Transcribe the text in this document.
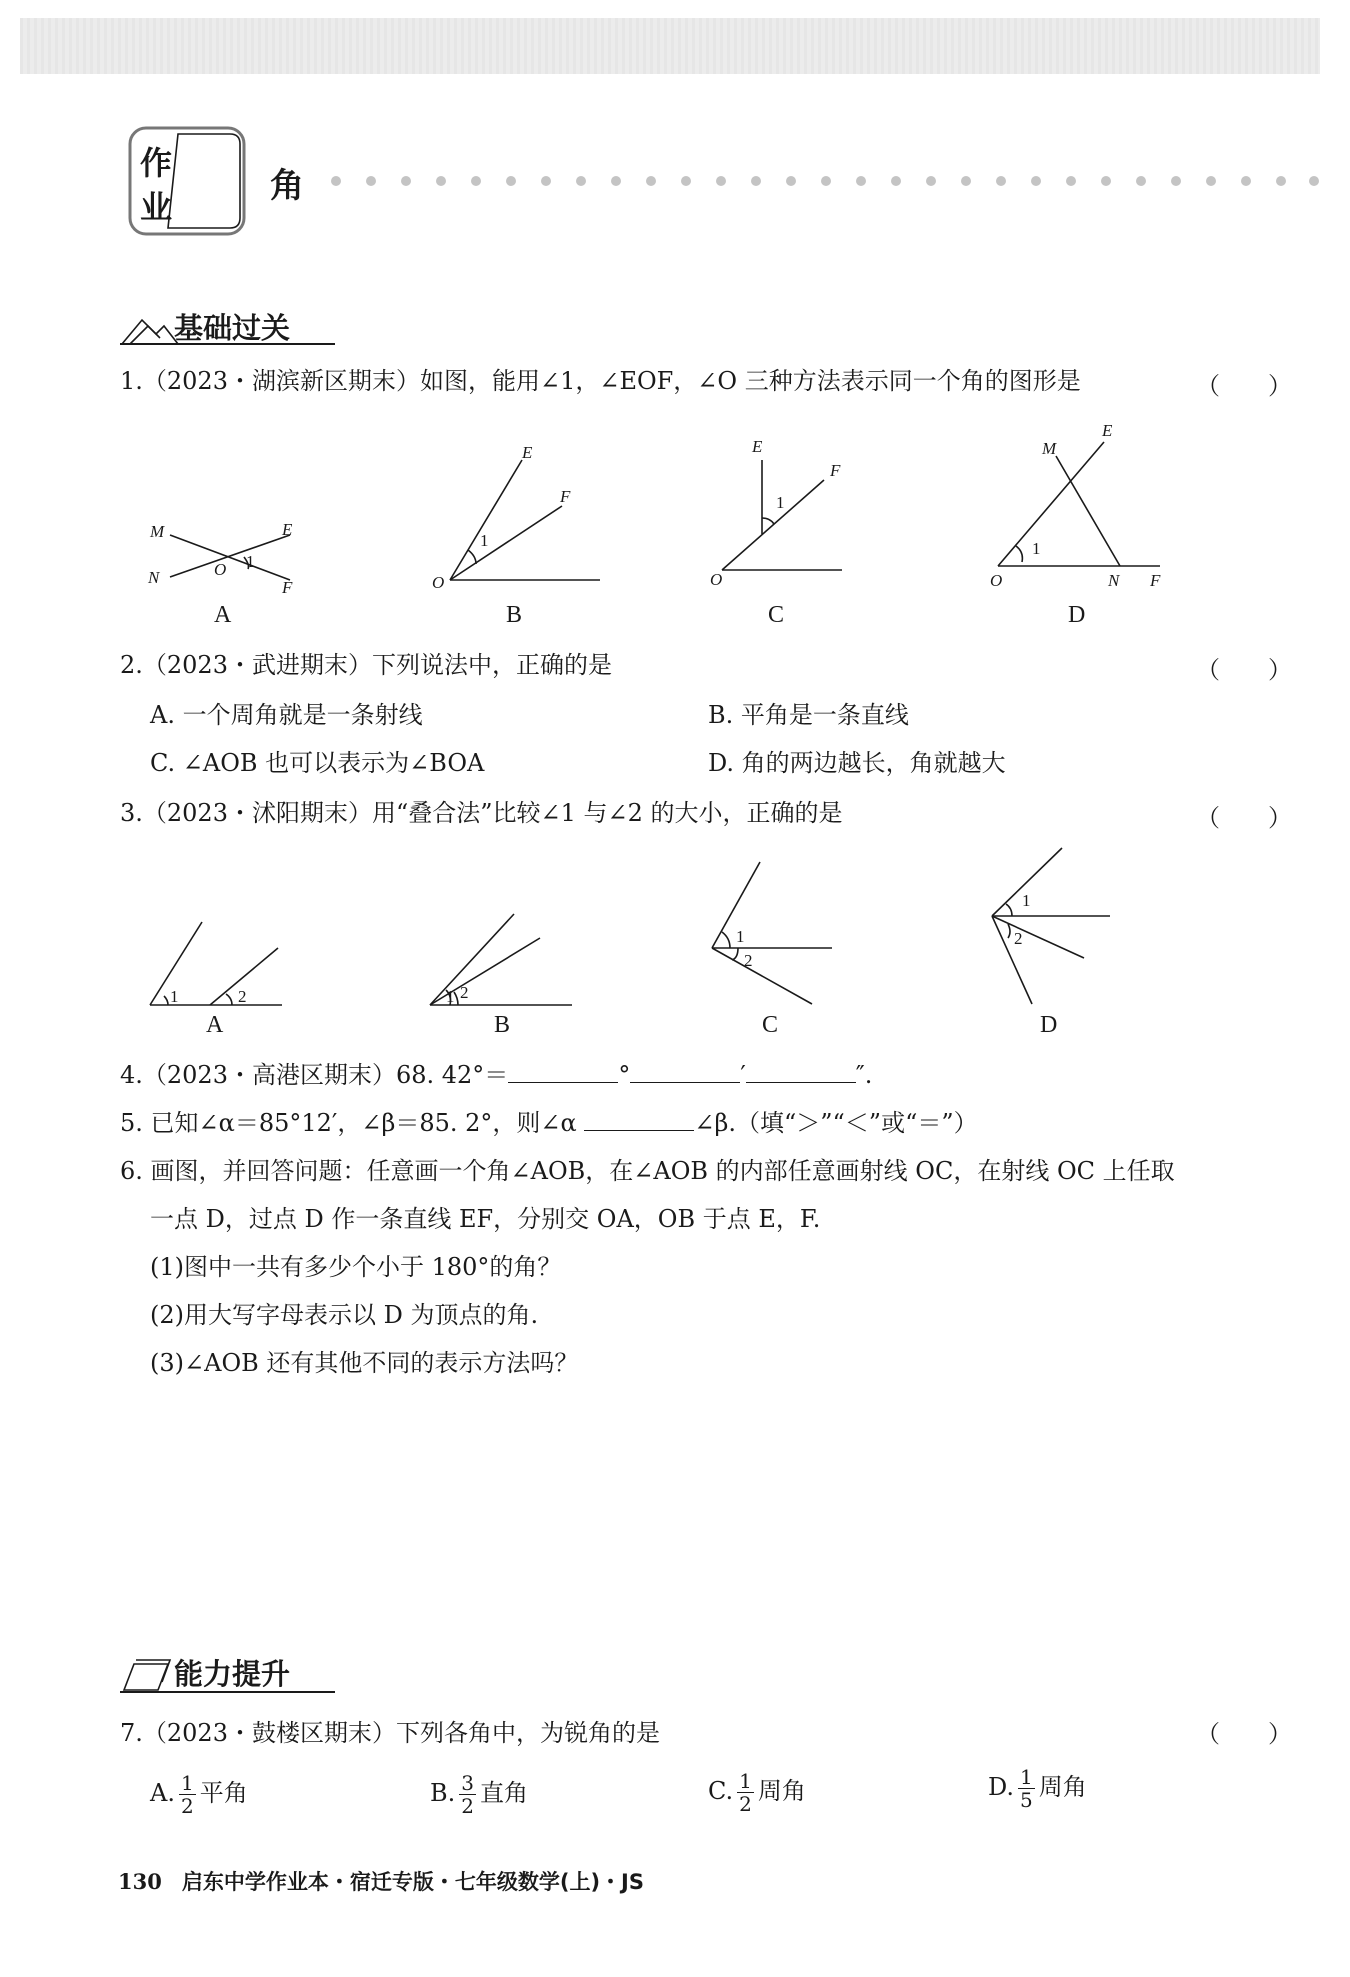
作
业
46 角
基础过关
1.（2023・湖滨新区期末）如图，能用∠1，∠EOF，∠O 三种方法表示同一个角的图形是	（　　）
M	E
N	O 1
F
A
E
F
1
O
B
E
F
1
O
C
M
E
1
O	N F
D
2.（2023・武进期末）下列说法中，正确的是	（　　）
A. 一个周角就是一条射线	B. 平角是一条直线
C. ∠AOB 也可以表示为∠BOA	D. 角的两边越长，角就越大
3.（2023・沭阳期末）用“叠合法”比较∠1 与∠2 的大小，正确的是	（　　）
1	2
A
1 2
B
1
2
C
1
2
D
4.（2023・高港区期末）68. 42°＝	°	′	″.
5. 已知∠α＝85°12′，∠β＝85. 2°，则∠α	∠β.（填“＞”“＜”或“＝”）
6. 画图，并回答问题：任意画一个角∠AOB，在∠AOB 的内部任意画射线 OC，在射线 OC 上任取
一点 D，过点 D 作一条直线 EF，分别交 OA，OB 于点 E，F.
(1)图中一共有多少个小于 180°的角？
(2)用大写字母表示以 D 为顶点的角.
(3)∠AOB 还有其他不同的表示方法吗？
能力提升
7.（2023・鼓楼区期末）下列各角中，为锐角的是	（　　）
A. $\frac{1}{2}$ 平角	B. $\frac{3}{2}$ 直角	C. $\frac{1}{2}$ 周角	D. $\frac{1}{5}$ 周角
130 启东中学作业本・宿迁专版・七年级数学(上)・JS
